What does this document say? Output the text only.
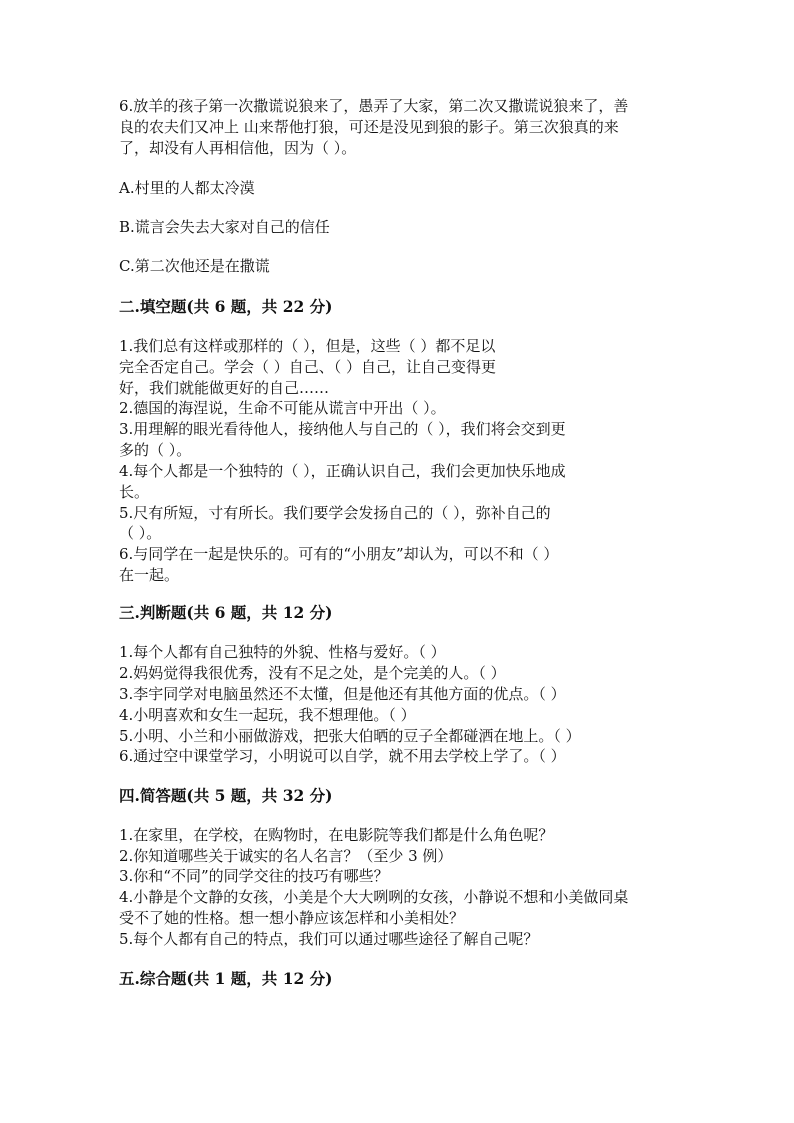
6.放羊的孩子第一次撒谎说狼来了，愚弄了大家，第二次又撒谎说狼来了，善

良的农夫们又冲上 山来帮他打狼，可还是没见到狼的影子。第三次狼真的来

了，却没有人再相信他，因为（ ）。

A.村里的人都太冷漠

B.谎言会失去大家对自己的信任

C.第二次他还是在撒谎

二.填空题(共 6 题，共 22 分)

1.我们总有这样或那样的（ ），但是，这些（ ）都不足以

完全否定自己。学会（ ）自己、（ ）自己，让自己变得更

好，我们就能做更好的自己……

2.德国的海涅说，生命不可能从谎言中开出（ ）。

3.用理解的眼光看待他人，接纳他人与自己的（ ），我们将会交到更

多的（ ）。

4.每个人都是一个独特的（ ），正确认识自己，我们会更加快乐地成

长。

5.尺有所短，寸有所长。我们要学会发扬自己的（ ），弥补自己的

（ ）。

6.与同学在一起是快乐的。可有的“小朋友”却认为，可以不和（ ）

在一起。

三.判断题(共 6 题，共 12 分)

1.每个人都有自己独特的外貌、性格与爱好。（ ）

2.妈妈觉得我很优秀，没有不足之处，是个完美的人。（ ）

3.李宇同学对电脑虽然还不太懂，但是他还有其他方面的优点。（ ）

4.小明喜欢和女生一起玩，我不想理他。（ ）

5.小明、小兰和小丽做游戏，把张大伯晒的豆子全都碰洒在地上。（ ）

6.通过空中课堂学习，小明说可以自学，就不用去学校上学了。（ ）

四.简答题(共 5 题，共 32 分)

1.在家里，在学校，在购物时，在电影院等我们都是什么角色呢？

2.你知道哪些关于诚实的名人名言？（至少 3 例）

3.你和“不同”的同学交往的技巧有哪些？

4.小静是个文静的女孩，小美是个大大咧咧的女孩，小静说不想和小美做同桌

受不了她的性格。想一想小静应该怎样和小美相处？

5.每个人都有自己的特点，我们可以通过哪些途径了解自己呢？

五.综合题(共 1 题，共 12 分)
